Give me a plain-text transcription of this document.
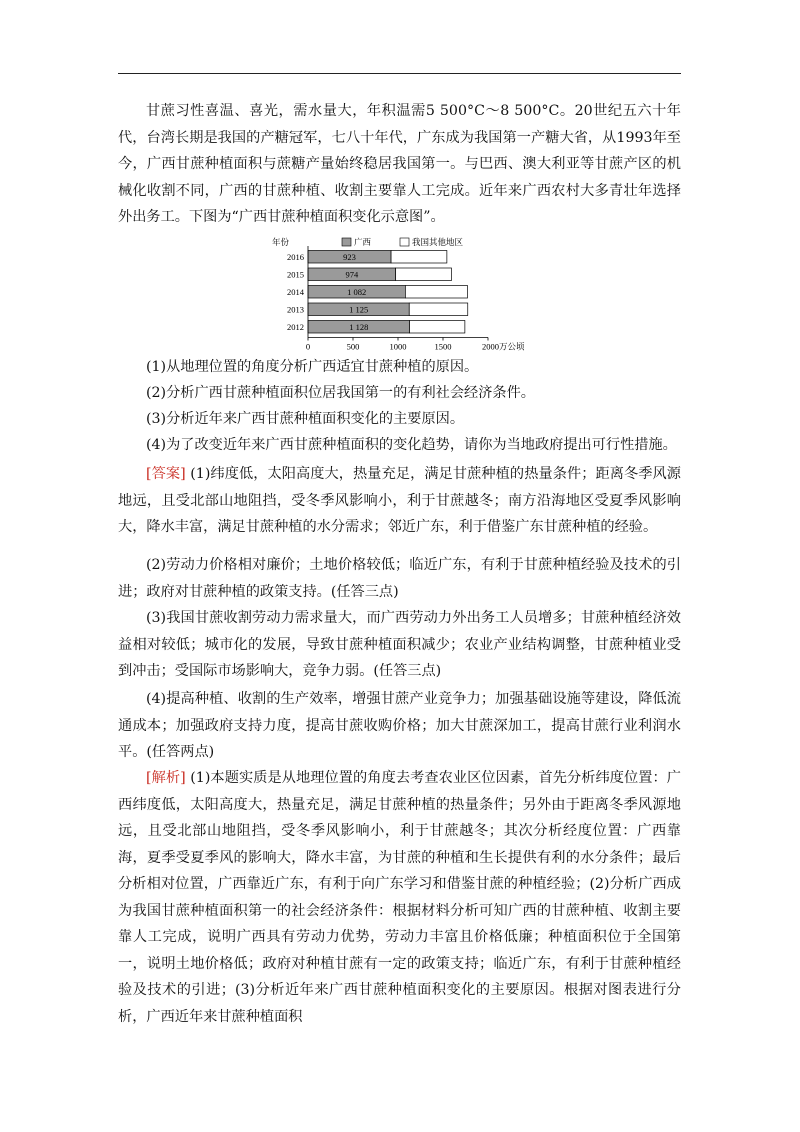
甘蔗习性喜温、喜光，需水量大，年积温需5 500°C～8 500°C。20世纪五六十年代，台湾长期是我国的产糖冠军，七八十年代，广东成为我国第一产糖大省，从1993年至今，广西甘蔗种植面积与蔗糖产量始终稳居我国第一。与巴西、澳大利亚等甘蔗产区的机械化收割不同，广西的甘蔗种植、收割主要靠人工完成。近年来广西农村大多青壮年选择外出务工。下图为“广西甘蔗种植面积变化示意图”。

年份	广西	我国其他地区
2016	923
2015	974
2014	1 082
2013	1 125
2012	1 128
0	500	1000	1500	2000万公顷

(1)从地理位置的角度分析广西适宜甘蔗种植的原因。

(2)分析广西甘蔗种植面积位居我国第一的有利社会经济条件。

(3)分析近年来广西甘蔗种植面积变化的主要原因。

(4)为了改变近年来广西甘蔗种植面积的变化趋势，请你为当地政府提出可行性措施。

[答案] (1)纬度低，太阳高度大，热量充足，满足甘蔗种植的热量条件；距离冬季风源地远，且受北部山地阻挡，受冬季风影响小，利于甘蔗越冬；南方沿海地区受夏季风影响大，降水丰富，满足甘蔗种植的水分需求；邻近广东，利于借鉴广东甘蔗种植的经验。

(2)劳动力价格相对廉价；土地价格较低；临近广东，有利于甘蔗种植经验及技术的引进；政府对甘蔗种植的政策支持。(任答三点)

(3)我国甘蔗收割劳动力需求量大，而广西劳动力外出务工人员增多；甘蔗种植经济效益相对较低；城市化的发展，导致甘蔗种植面积减少；农业产业结构调整，甘蔗种植业受到冲击；受国际市场影响大，竞争力弱。(任答三点)

(4)提高种植、收割的生产效率，增强甘蔗产业竞争力；加强基础设施等建设，降低流通成本；加强政府支持力度，提高甘蔗收购价格；加大甘蔗深加工，提高甘蔗行业利润水平。(任答两点)

[解析] (1)本题实质是从地理位置的角度去考查农业区位因素，首先分析纬度位置：广西纬度低，太阳高度大，热量充足，满足甘蔗种植的热量条件；另外由于距离冬季风源地远，且受北部山地阻挡，受冬季风影响小，利于甘蔗越冬；其次分析经度位置：广西靠海，夏季受夏季风的影响大，降水丰富，为甘蔗的种植和生长提供有利的水分条件；最后分析相对位置，广西靠近广东，有利于向广东学习和借鉴甘蔗的种植经验；(2)分析广西成为我国甘蔗种植面积第一的社会经济条件：根据材料分析可知广西的甘蔗种植、收割主要靠人工完成，说明广西具有劳动力优势，劳动力丰富且价格低廉；种植面积位于全国第一，说明土地价格低；政府对种植甘蔗有一定的政策支持；临近广东，有利于甘蔗种植经验及技术的引进；(3)分析近年来广西甘蔗种植面积变化的主要原因。根据对图表进行分析，广西近年来甘蔗种植面积
